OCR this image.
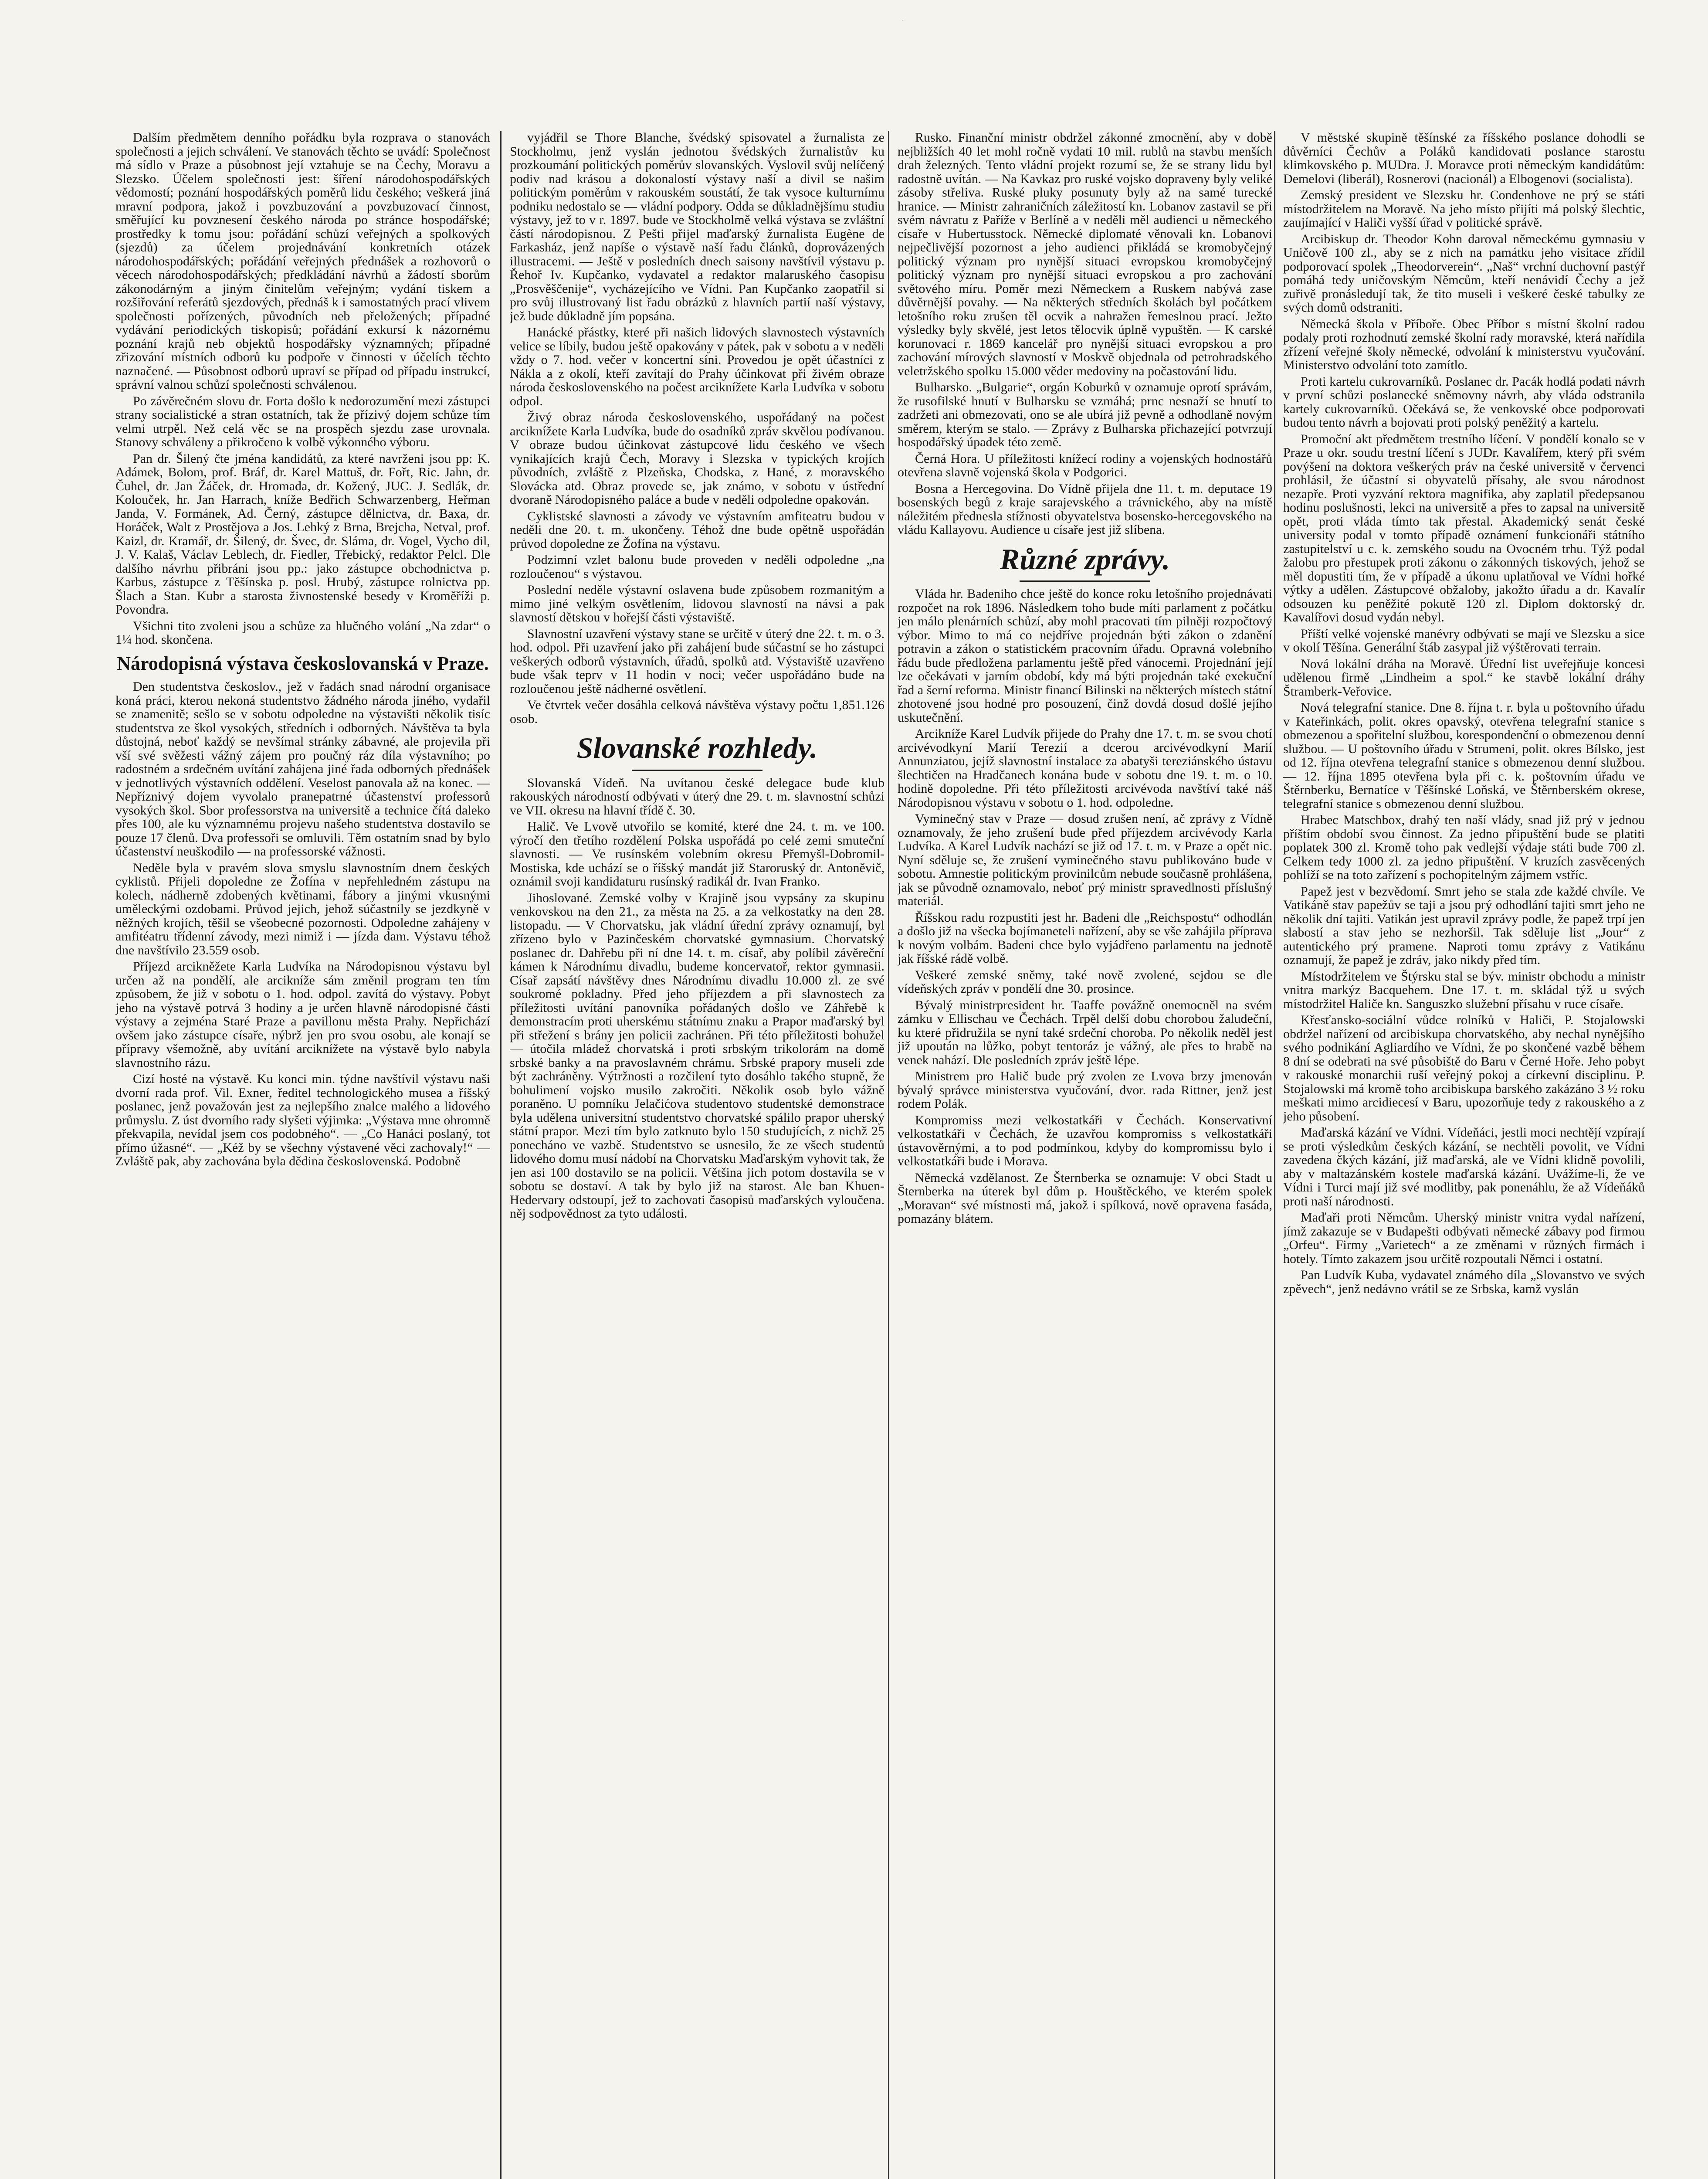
.

Dalším předmětem denního pořádku byla rozprava o stanovách společnosti a jejich schválení. Ve stanovách těchto se uvádí: Společnost má sídlo v Praze a působnost její vztahuje se na Čechy, Moravu a Slezsko. Účelem společnosti jest: šíření národohospodářských vědomostí; poznání hospodářských poměrů lidu českého; veškerá jiná mravní podpora, jakož i povzbuzování a povzbuzovací činnost, směřující ku povznesení českého národa po stránce hospodářské; prostředky k tomu jsou: pořádání schůzí veřejných a spolkových (sjezdů) za účelem projednávání konkretních otázek národohospodářských; pořádání veřejných přednášek a rozhovorů o věcech národohospodářských; předkládání návrhů a žádostí sborům zákonodárným a jiným činitelům veřejným; vydání tiskem a rozšiřování referátů sjezdových, přednáš k i samostatných prací vlivem společnosti pořízených, původních neb přeložených; případné vydávání periodických tiskopisů; pořádání exkursí k názornému poznání krajů neb objektů hospodářsky významných; případné zřizování místních odborů ku podpoře v činnosti v účelích těchto naznačené. — Působnost odborů upraví se případ od případu instrukcí, správní valnou schůzí společnosti schválenou.

Po závěrečném slovu dr. Forta došlo k nedorozumění mezi zástupci strany socialistické a stran ostatních, tak že přízivý dojem schůze tím velmi utrpěl. Než celá věc se na prospěch sjezdu zase urovnala. Stanovy schváleny a přikročeno k volbě výkonného výboru.

Pan dr. Šilený čte jména kandidátů, za které navrženi jsou pp: K. Adámek, Bolom, prof. Bráf, dr. Karel Mattuš, dr. Fořt, Ric. Jahn, dr. Čuhel, dr. Jan Žáček, dr. Hromada, dr. Kožený, JUC. J. Sedlák, dr. Kolouček, hr. Jan Harrach, kníže Bedřich Schwarzenberg, Heřman Janda, V. Formánek, Ad. Černý, zástupce dělnictva, dr. Baxa, dr. Horáček, Walt z Prostějova a Jos. Lehký z Brna, Brejcha, Netval, prof. Kaizl, dr. Kramář, dr. Šilený, dr. Švec, dr. Sláma, dr. Vogel, Vycho dil, J. V. Kalaš, Václav Leblech, dr. Fiedler, Třebický, redaktor Pelcl. Dle dalšího návrhu přibráni jsou pp.: jako zástupce obchodnictva p. Karbus, zástupce z Těšínska p. posl. Hrubý, zástupce rolnictva pp. Šlach a Stan. Kubr a starosta živnostenské besedy v Kroměříži p. Povondra.

Všichni tito zvoleni jsou a schůze za hlučného volání „Na zdar“ o 1¼ hod. skončena.

Národopisná výstava českoslovanská v Praze.

Den studentstva českoslov., jež v řadách snad národní organisace koná práci, kterou nekoná studentstvo žádného národa jiného, vydařil se znamenitě; sešlo se v sobotu odpoledne na výstavišti několik tisíc studentstva ze škol vysokých, středních i odborných. Návštěva ta byla důstojná, neboť každý se nevšímal stránky zábavné, ale projevila při vší své svěžesti vážný zájem pro poučný ráz díla výstavního; po radostném a srdečném uvítání zahájena jiné řada odborných přednášek v jednotlivých výstavních oddělení. Veselost panovala až na konec. — Nepříznivý dojem vyvolalo pranepatrné účastenství professorů vysokých škol. Sbor professorstva na universitě a technice čítá daleko přes 100, ale ku významnému projevu našeho studentstva dostavilo se pouze 17 členů. Dva professoři se omluvili. Těm ostatním snad by bylo účastenství neuškodilo — na professorské vážnosti.

Neděle byla v pravém slova smyslu slavnostním dnem českých cyklistů. Přijeli dopoledne ze Žofína v nepřehledném zástupu na kolech, nádherně zdobených květinami, fábory a jinými vkusnými uměleckými ozdobami. Průvod jejich, jehož súčastnily se jezdkyně v něžných krojích, těšil se všeobecné pozornosti. Odpoledne zahájeny v amfitéatru třídenní závody, mezi nimiž i — jízda dam. Výstavu téhož dne navštívilo 23.559 osob.

Příjezd arcikněžete Karla Ludvíka na Národopisnou výstavu byl určen až na pondělí, ale arcikníže sám změnil program ten tím způsobem, že již v sobotu o 1. hod. odpol. zavítá do výstavy. Pobyt jeho na výstavě potrvá 3 hodiny a je určen hlavně národopisné části výstavy a zejména Staré Praze a pavillonu města Prahy. Nepřichází ovšem jako zástupce císaře, nýbrž jen pro svou osobu, ale konají se přípravy všemožně, aby uvítání arciknížete na výstavě bylo nabyla slavnostního rázu.

Cizí hosté na výstavě. Ku konci min. týdne navštívil výstavu naši dvorní rada prof. Vil. Exner, ředitel technologického musea a říšský poslanec, jenž považován jest za nejlepšího znalce malého a lidového průmyslu. Z úst dvorního rady slyšeti výjimka: „Výstava mne ohromně překvapila, nevídal jsem cos podobného“. — „Co Hanáci poslaný, tot přímo úžasné“. — „Kéž by se všechny výstavené věci zachovaly!“ — Zvláště pak, aby zachována byla dědina československá. Podobně

vyjádřil se Thore Blanche, švédský spisovatel a žurnalista ze Stockholmu, jenž vyslán jednotou švédských žurnalistův ku prozkoumání politických poměrův slovanských. Vyslovil svůj nelíčený podiv nad krásou a dokonalostí výstavy naší a divil se našim politickým poměrům v rakouském soustátí, že tak vysoce kulturnímu podniku nedostalo se — vládní podpory. Odda se důkladnějšímu studiu výstavy, jež to v r. 1897. bude ve Stockholmě velká výstava se zvláštní částí národopisnou. Z Pešti přijel maďarský žurnalista Eugène de Farkasház, jenž napíše o výstavě naší řadu článků, doprovázených illustracemi. — Ještě v posledních dnech saisony navštívil výstavu p. Řehoř Iv. Kupčanko, vydavatel a redaktor malaruského časopisu „Prosvěščenije“, vycházejícího ve Vídni. Pan Kupčanko zaopatřil si pro svůj illustrovaný list řadu obrázků z hlavních partií naší výstavy, jež bude důkladně jím popsána.

Hanácké přástky, které při našich lidových slavnostech výstavních velice se líbily, budou ještě opakovány v pátek, pak v sobotu a v neděli vždy o 7. hod. večer v koncertní síni. Provedou je opět účastníci z Nákla a z okolí, kteří zavítají do Prahy účinkovat při živém obraze národa československého na počest arciknížete Karla Ludvíka v sobotu odpol.

Živý obraz národa československého, uspořádaný na počest arciknížete Karla Ludvíka, bude do osadníků zpráv skvělou podívanou. V obraze budou účinkovat zástupcové lidu českého ve všech vynikajících krajů Čech, Moravy i Slezska v typických krojích původních, zvláště z Plzeňska, Chodska, z Hané, z moravského Slovácka atd. Obraz provede se, jak známo, v sobotu v ústřední dvoraně Národopisného paláce a bude v neděli odpoledne opakován.

Cyklistské slavnosti a závody ve výstavním amfiteatru budou v neděli dne 20. t. m. ukončeny. Téhož dne bude opětně uspořádán průvod dopoledne ze Žofína na výstavu.

Podzimní vzlet balonu bude proveden v neděli odpoledne „na rozloučenou“ s výstavou.

Poslední neděle výstavní oslavena bude způsobem rozmanitým a mimo jiné velkým osvětlením, lidovou slavností na návsi a pak slavností dětskou v hořejší části výstaviště.

Slavnostní uzavření výstavy stane se určitě v úterý dne 22. t. m. o 3. hod. odpol. Při uzavření jako při zahájení bude súčastní se ho zástupci veškerých odborů výstavních, úřadů, spolků atd. Výstaviště uzavřeno bude však teprv v 11 hodin v noci; večer uspořádáno bude na rozloučenou ještě nádherné osvětlení.

Ve čtvrtek večer dosáhla celková návštěva výstavy počtu 1,851.126 osob.

Slovanské rozhledy.

Slovanská Vídeň. Na uvítanou české delegace bude klub rakouských národností odbývati v úterý dne 29. t. m. slavnostní schůzi ve VII. okresu na hlavní třídě č. 30.

Halič. Ve Lvově utvořilo se komité, které dne 24. t. m. ve 100. výročí den třetího rozdělení Polska uspořádá po celé zemi smuteční slavnosti. — Ve rusínském volebním okresu Přemyšl-Dobromil-Mostiska, kde uchází se o říšský mandát již Staroruský dr. Antoněvič, oznámil svoji kandidaturu rusínský radikál dr. Ivan Franko.

Jihoslované. Zemské volby v Krajině jsou vypsány za skupinu venkovskou na den 21., za města na 25. a za velkostatky na den 28. listopadu. — V Chorvatsku, jak vládní úřední zprávy oznamují, byl zřízeno bylo v Pazinčeském chorvatské gymnasium. Chorvatský poslanec dr. Dahřebu při ní dne 14. t. m. císař, aby políbil závěreční kámen k Národnímu divadlu, budeme koncervatoř, rektor gymnasii. Císař zapsátí návštěvy dnes Národnímu divadlu 10.000 zl. ze své soukromé pokladny. Před jeho příjezdem a při slavnostech za příležitosti uvítání panovníka pořádaných došlo ve Záhřebě k demonstracím proti uherskému státnímu znaku a Prapor maďarský byl při střežení s brány jen policii zachránen. Při této příležitosti bohužel — útočila mládež chorvatská i proti srbským trikolorám na domě srbské banky a na pravoslavném chrámu. Srbské prapory museli zde být zachráněny. Výtržnosti a rozčilení tyto dosáhlo takého stupně, že bohulimení vojsko musilo zakročiti. Několik osob bylo vážně poraněno. U pomníku Jelačićova studentovo studentské demonstrace byla udělena universitní studentstvo chorvatské spálilo prapor uherský státní prapor. Mezi tím bylo zatknuto bylo 150 studujících, z nichž 25 ponecháno ve vazbě. Studentstvo se usnesilo, že ze všech studentů lidového domu musí nádobí na Chorvatsku Maďarským vyhovit tak, že jen asi 100 dostavilo se na policii. Většina jich potom dostavila se v sobotu se dostaví. A tak by bylo již na starost. Ale ban Khuen-Hedervary odstoupí, jež to zachovati časopisů maďarských vyloučena. něj sodpovědnost za tyto události.

Rusko. Finanční ministr obdržel zákonné zmocnění, aby v době nejbližších 40 let mohl ročně vydati 10 mil. rublů na stavbu menších drah železných. Tento vládní projekt rozumí se, že se strany lidu byl radostně uvítán. — Na Kavkaz pro ruské vojsko dopraveny byly veliké zásoby střeliva. Ruské pluky posunuty byly až na samé turecké hranice. — Ministr zahraničních záležitostí kn. Lobanov zastavil se při svém návratu z Paříže v Berlíně a v neděli měl audienci u německého císaře v Hubertusstock. Německé diplomaté věnovali kn. Lobanovi nejpečlivější pozornost a jeho audienci přikládá se kromobyčejný politický význam pro nynější situaci evropskou kromobyčejný politický význam pro nynější situaci evropskou a pro zachování světového míru. Poměr mezi Německem a Ruskem nabývá zase důvěrnější povahy. — Na některých středních školách byl počátkem letošního roku zrušen těl ocvik a nahražen řemeslnou prací. Ježto výsledky byly skvělé, jest letos tělocvik úplně vypuštěn. — K carské korunovaci r. 1869 kancelář pro nynější situaci evropskou a pro zachování mírových slavností v Moskvě objednala od petrohradského veletržského spolku 15.000 věder medoviny na počastování lidu.

Bulharsko. „Bulgarie“, orgán Koburků v oznamuje oprotí správám, že rusofilské hnutí v Bulharsku se vzmáhá; prnc nesnaží se hnutí to zadržeti ani obmezovati, ono se ale ubírá již pevně a odhodlaně novým směrem, kterým se stalo. — Zprávy z Bulharska přichazející potvrzují hospodářský úpadek této země.

Černá Hora. U příležitosti knížecí rodiny a vojenských hodnostářů otevřena slavně vojenská škola v Podgorici.

Bosna a Hercegovina. Do Vídně přijela dne 11. t. m. deputace 19 bosenských begů z kraje sarajevského a trávnického, aby na místě náležitém přednesla stížnosti obyvatelstva bosensko-hercegovského na vládu Kallayovu. Audience u císaře jest již slíbena.

Různé zprávy.

Vláda hr. Badeniho chce ještě do konce roku letošního projednávati rozpočet na rok 1896. Následkem toho bude míti parlament z počátku jen málo plenárních schůzí, aby mohl pracovati tím pilněji rozpočtový výbor. Mimo to má co nejdříve projednán býti zákon o zdanění potravin a zákon o statistickém pracovním úřadu. Opravná volebního řádu bude předložena parlamentu ještě před vánocemi. Projednání její lze očekávati v jarním období, kdy má býti projednán také exekuční řad a šerní reforma. Ministr financí Bilinski na některých místech státní zhotovené jsou hodné pro posouzení, činž dovdá dosud došlé jejího uskutečnění.

Arcikníže Karel Ludvík přijede do Prahy dne 17. t. m. se svou chotí arcivévodkyní Marií Terezií a dcerou arcivévodkyní Marií Annunziatou, jejíž slavnostní instalace za abatyši tereziánského ústavu šlechtičen na Hradčanech konána bude v sobotu dne 19. t. m. o 10. hodině dopoledne. Při této příležitosti arcivévoda navštíví také náš Národopisnou výstavu v sobotu o 1. hod. odpoledne.

Vyminečný stav v Praze — dosud zrušen není, ač zprávy z Vídně oznamovaly, že jeho zrušení bude před příjezdem arcivévody Karla Ludvíka. A Karel Ludvík nachází se již od 17. t. m. v Praze a opět nic. Nyní sděluje se, že zrušení vyminečného stavu publikováno bude v sobotu. Amnestie politickým provinilcům nebude současně prohlášena, jak se původně oznamovalo, neboť prý ministr spravedlnosti příslušný materiál.

Říšskou radu rozpustiti jest hr. Badeni dle „Reichspostu“ odhodlán a došlo již na všecka bojímaneteli nařízení, aby se vše zahájila příprava k novým volbám. Badeni chce bylo vyjádřeno parlamentu na jednotě jak říšské rádě volbě.

Veškeré zemské sněmy, také nově zvolené, sejdou se dle vídeňských zpráv v pondělí dne 30. prosince.

Bývalý ministrpresident hr. Taaffe povážně onemocněl na svém zámku v Ellischau ve Čechách. Trpěl delší dobu chorobou žaludeční, ku které přidružila se nyní také srdeční choroba. Po několik neděl jest již upoután na lůžko, pobyt tentoráz je vážný, ale přes to hrabě na venek nahází. Dle posledních zpráv ještě lépe.

Ministrem pro Halič bude prý zvolen ze Lvova brzy jmenován bývalý správce ministerstva vyučování, dvor. rada Rittner, jenž jest rodem Polák.

Kompromiss mezi velkostatkáři v Čechách. Konservativní velkostatkáři v Čechách, že uzavřou kompromiss s velkostatkáři ústavověrnými, a to pod podmínkou, kdyby do kompromissu bylo i velkostatkáři bude i Morava.

Německá vzdělanost. Ze Šternberka se oznamuje: V obci Stadt u Šternberka na úterek byl dům p. Houštěckého, ve kterém spolek „Moravan“ své místnosti má, jakož i spílková, nově opravena fasáda, pomazány blátem.

V městské skupině těšínské za říšského poslance dohodli se důvěrníci Čechův a Poláků kandidovati poslance starostu klimkovského p. MUDra. J. Moravce proti německým kandidátům: Demelovi (liberál), Rosnerovi (nacionál) a Elbogenovi (socialista).

Zemský president ve Slezsku hr. Condenhove ne prý se státi místodržitelem na Moravě. Na jeho místo přijíti má polský šlechtic, zaujímající v Haliči vyšší úřad v politické správě.

Arcibiskup dr. Theodor Kohn daroval německému gymnasiu v Uničově 100 zl., aby se z nich na památku jeho visitace zřídil podporovací spolek „Theodorverein“. „Naš“ vrchní duchovní pastýř pomáhá tedy uničovským Němcům, kteří nenávidí Čechy a jež zuřivě pronásledují tak, že tito museli i veškeré české tabulky ze svých domů odstraniti.

Německá škola v Příboře. Obec Příbor s místní školní radou podaly proti rozhodnutí zemské školní rady moravské, která nařídila zřízení veřejné školy německé, odvolání k ministerstvu vyučování. Ministerstvo odvolání toto zamítlo.

Proti kartelu cukrovarníků. Poslanec dr. Pacák hodlá podati návrh v první schůzi poslanecké sněmovny návrh, aby vláda odstranila kartely cukrovarníků. Očekává se, že venkovské obce podporovati budou tento návrh a bojovati proti polský peněžitý a kartelu.

Promoční akt předmětem trestního líčení. V pondělí konalo se v Praze u okr. soudu trestní líčení s JUDr. Kavalířem, který při svém povýšení na doktora veškerých práv na české universitě v červenci prohlásil, že účastní si obyvatelů přísahy, ale svou národnost nezapře. Proti vyzvání rektora magnifika, aby zaplatil předepsanou hodinu poslušnosti, lekci na universitě a přes to zapsal na universitě opět, proti vláda tímto tak přestal. Akademický senát české university podal v tomto případě oznámení funkcionáři státního zastupitelství u c. k. zemského soudu na Ovocném trhu. Týž podal žalobu pro přestupek proti zákonu o zákonných tiskových, jehož se měl dopustiti tím, že v případě a úkonu uplatňoval ve Vídni hořké výtky a udělen. Zástupcové obžaloby, jakožto úřadu a dr. Kavalír odsouzen ku peněžité pokutě 120 zl. Diplom doktorský dr. Kavalířovi dosud vydán nebyl.

Příští velké vojenské manévry odbývati se mají ve Slezsku a sice v okolí Těšína. Generální štáb zasypal již výštěrovati terrain.

Nová lokální dráha na Moravě. Úřední list uveřejňuje koncesi udělenou firmě „Lindheim a spol.“ ke stavbě lokální dráhy Štramberk-Veřovice.

Nová telegrafní stanice. Dne 8. října t. r. byla u poštovního úřadu v Kateřinkách, polit. okres opavský, otevřena telegrafní stanice s obmezenou a spořitelní službou, korespondenční o obmezenou denní službou. — U poštovního úřadu v Strumeni, polit. okres Bílsko, jest od 12. října otevřena telegrafní stanice s obmezenou denní službou. — 12. října 1895 otevřena byla při c. k. poštovním úřadu ve Štěrnberku, Bernatíce v Těšínské Loňská, ve Štěrnberském okrese, telegrafní stanice s obmezenou denní službou.

Hrabec Matschbox, drahý ten naší vlády, snad již prý v jednou příštím období svou činnost. Za jedno připuštění bude se platiti poplatek 300 zl. Kromě toho pak vedlejší výdaje státi bude 700 zl. Celkem tedy 1000 zl. za jedno připuštění. V kruzích zasvěcených pohlíží se na toto zařízení s pochopitelným zájmem vstříc.

Papež jest v bezvědomí. Smrt jeho se stala zde každé chvíle. Ve Vatikáně stav papežův se taji a jsou prý odhodlání tajiti smrt jeho ne několik dní tajiti. Vatikán jest upravil zprávy podle, že papež trpí jen slabostí a stav jeho se nezhoršil. Tak sděluje list „Jour“ z autentického prý pramene. Naproti tomu zprávy z Vatikánu oznamují, že papež je zdráv, jako nikdy před tím.

Místodržitelem ve Štýrsku stal se býv. ministr obchodu a ministr vnitra markýz Bacquehem. Dne 17. t. m. skládal týž u svých místodržitel Haliče kn. Sanguszko služební přísahu v ruce císaře.

Křesťansko-sociální vůdce rolníků v Haliči, P. Stojalowski obdržel nařízení od arcibiskupa chorvatského, aby nechal nynějšího svého podnikání Agliardího ve Vídni, že po skončené vazbě během 8 dní se odebrati na své působiště do Baru v Černé Hoře. Jeho pobyt v rakouské monarchii ruší veřejný pokoj a církevní disciplinu. P. Stojalowski má kromě toho arcibiskupa barského zakázáno 3 ½ roku meškati mimo arcidiecesí v Baru, upozorňuje tedy z rakouského a z jeho působení.

Maďarská kázání ve Vídni. Vídeňáci, jestli moci nechtějí vzpírají se proti výsledkům českých kázání, se nechtěli povolit, ve Vídni zavedena čkých kázání, již maďarská, ale ve Vídni klidně povolili, aby v maltazánském kostele maďarská kázání. Uvážíme-li, že ve Vídni i Turci mají již své modlitby, pak ponenáhlu, že až Vídeňáků proti naší národnosti.

Maďaři proti Němcům. Uherský ministr vnitra vydal nařízení, jímž zakazuje se v Budapešti odbývati německé zábavy pod firmou „Orfeu“. Firmy „Varietech“ a ze změnami v různých firmách i hotely. Tímto zakazem jsou určitě rozpoutali Němci i ostatní.

Pan Ludvík Kuba, vydavatel známého díla „Slovanstvo ve svých zpěvech“, jenž nedávno vrátil se ze Srbska, kamž vyslán
